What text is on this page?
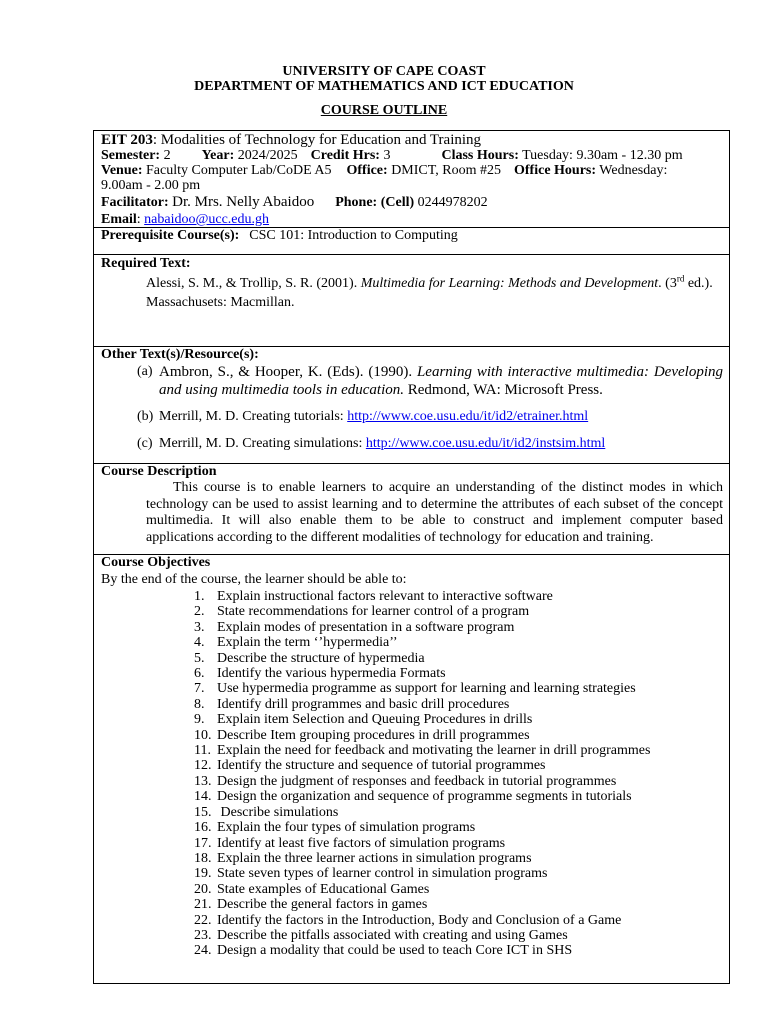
UNIVERSITY OF CAPE COAST
DEPARTMENT OF MATHEMATICS AND ICT EDUCATION
COURSE OUTLINE
EIT 203: Modalities of Technology for Education and Training
Semester: 2 Year: 2024/2025 Credit Hrs: 3	Class Hours: Tuesday: 9.30am - 12.30 pm
Venue: Faculty Computer Lab/CoDE A5 Office: DMICT, Room #25 Office Hours: Wednesday:
9.00am - 2.00 pm
Facilitator: Dr. Mrs. Nelly Abaidoo Phone: (Cell) 0244978202
Email: nabaidoo@ucc.edu.gh
Prerequisite Course(s): CSC 101: Introduction to Computing
Required Text:
Alessi, S. M., & Trollip, S. R. (2001). Multimedia for Learning: Methods and Development. (3rd ed.).
Massachusets: Macmillan.
Other Text(s)/Resource(s):
(a) Ambron, S., & Hooper, K. (Eds). (1990). Learning with interactive multimedia: Developing and using multimedia tools in education. Redmond, WA: Microsoft Press.
(b) Merrill, M. D. Creating tutorials: http://www.coe.usu.edu/it/id2/etrainer.html
(c) Merrill, M. D. Creating simulations: http://www.coe.usu.edu/it/id2/instsim.html
Course Description
This course is to enable learners to acquire an understanding of the distinct modes in which technology can be used to assist learning and to determine the attributes of each subset of the concept multimedia. It will also enable them to be able to construct and implement computer based applications according to the different modalities of technology for education and training.
Course Objectives
By the end of the course, the learner should be able to:
1. Explain instructional factors relevant to interactive software
2. State recommendations for learner control of a program
3. Explain modes of presentation in a software program
4. Explain the term ‘’hypermedia’’
5. Describe the structure of hypermedia
6. Identify the various hypermedia Formats
7. Use hypermedia programme as support for learning and learning strategies
8. Identify drill programmes and basic drill procedures
9. Explain item Selection and Queuing Procedures in drills
10. Describe Item grouping procedures in drill programmes
11. Explain the need for feedback and motivating the learner in drill programmes
12. Identify the structure and sequence of tutorial programmes
13. Design the judgment of responses and feedback in tutorial programmes
14. Design the organization and sequence of programme segments in tutorials
15. Describe simulations
16. Explain the four types of simulation programs
17. Identify at least five factors of simulation programs
18. Explain the three learner actions in simulation programs
19. State seven types of learner control in simulation programs
20. State examples of Educational Games
21. Describe the general factors in games
22. Identify the factors in the Introduction, Body and Conclusion of a Game
23. Describe the pitfalls associated with creating and using Games
24. Design a modality that could be used to teach Core ICT in SHS
